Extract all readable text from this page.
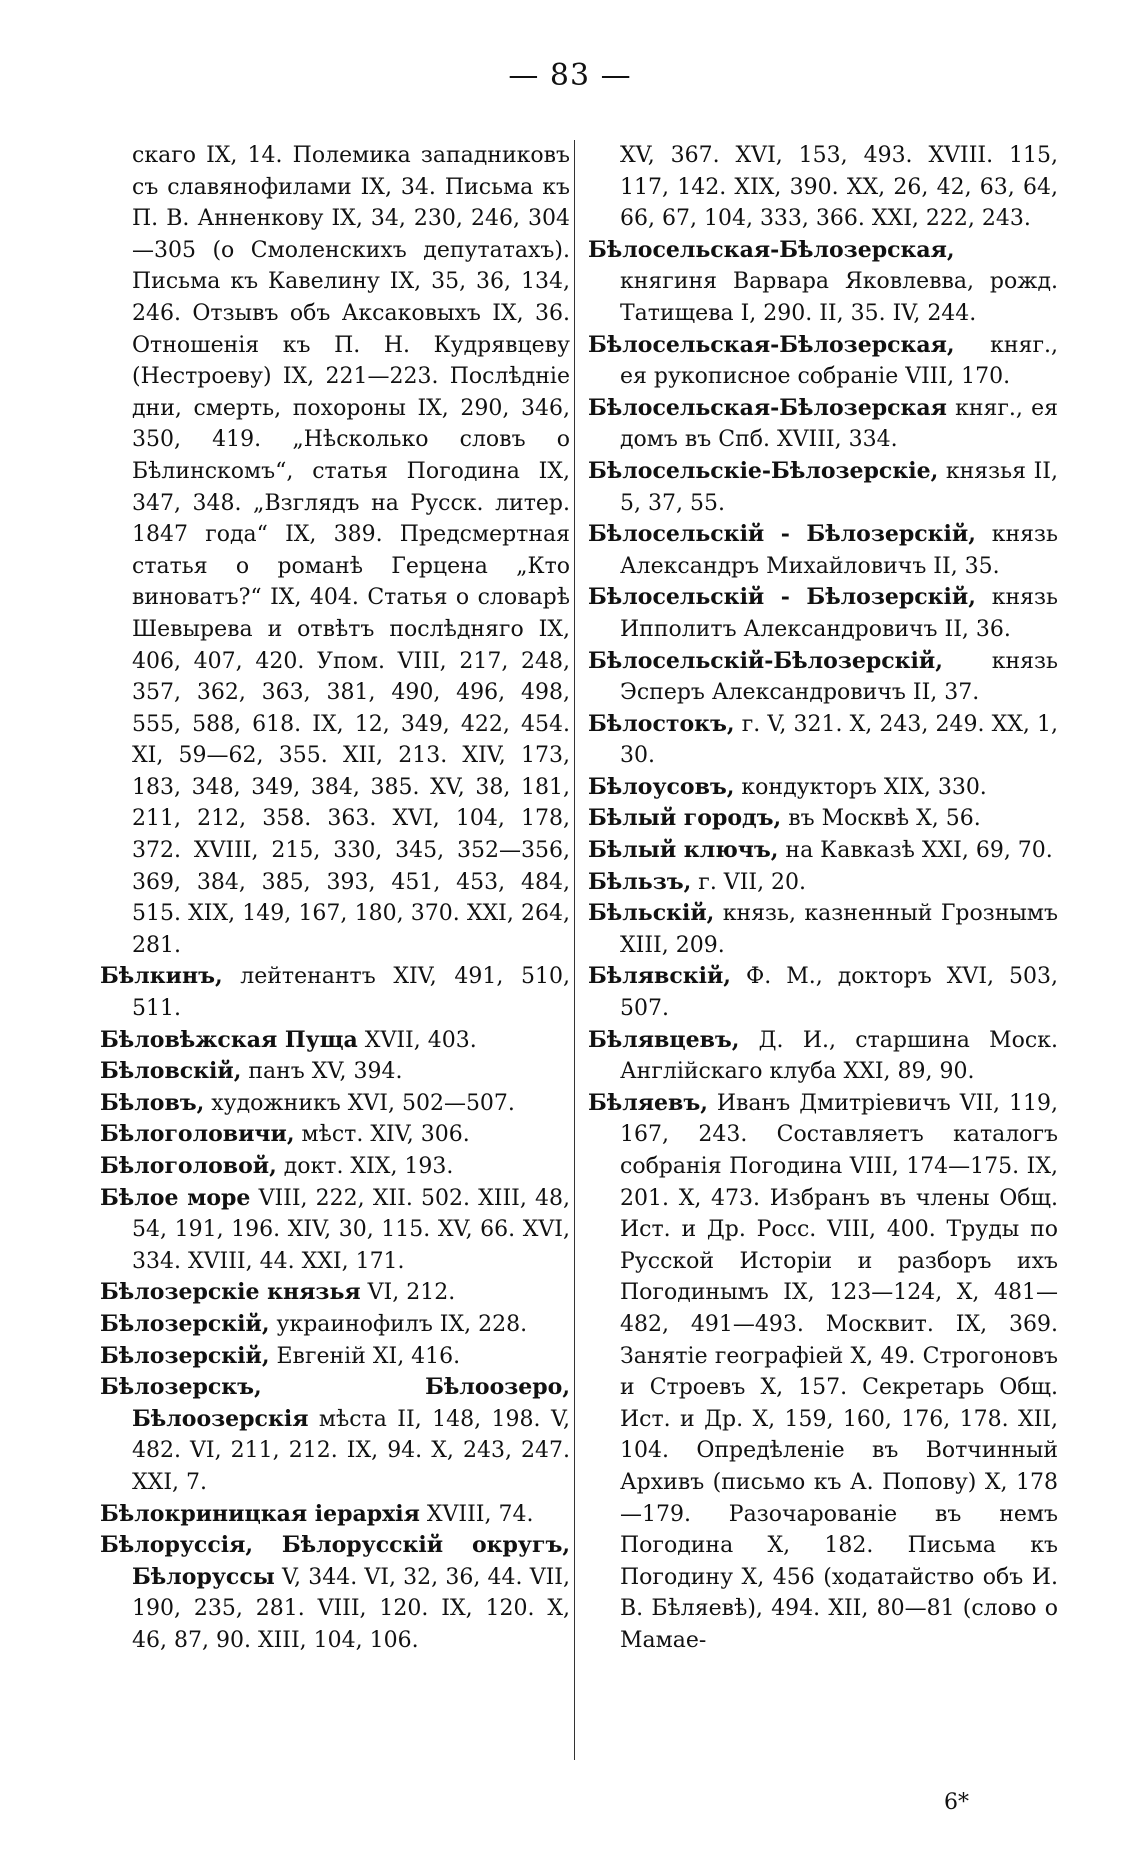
— 83 —

скаго IX, 14. Полемика западниковъ съ славянофилами IX, 34. Письма къ П. В. Анненкову IX, 34, 230, 246, 304—305 (о Смоленскихъ депутатахъ). Письма къ Кавелину IX, 35, 36, 134, 246. Отзывъ объ Аксаковыхъ IX, 36. Отношенія къ П. Н. Кудрявцеву (Нестроеву) IX, 221—223. Послѣдніе дни, смерть, похороны IX, 290, 346, 350, 419. „Нѣсколько словъ о Бѣлинскомъ“, статья Погодина IX, 347, 348. „Взглядъ на Русск. литер. 1847 года“ IX, 389. Предсмертная статья о романѣ Герцена „Кто виноватъ?“ IX, 404. Статья о словарѣ Шевырева и отвѣтъ послѣдняго IX, 406, 407, 420. Упом. VIII, 217, 248, 357, 362, 363, 381, 490, 496, 498, 555, 588, 618. IX, 12, 349, 422, 454. XI, 59—62, 355. XII, 213. XIV, 173, 183, 348, 349, 384, 385. XV, 38, 181, 211, 212, 358. 363. XVI, 104, 178, 372. XVIII, 215, 330, 345, 352—356, 369, 384, 385, 393, 451, 453, 484, 515. XIX, 149, 167, 180, 370. XXI, 264, 281.

Бѣлкинъ, лейтенантъ XIV, 491, 510, 511.

Бѣловѣжская Пуща XVII, 403.

Бѣловскій, панъ XV, 394.

Бѣловъ, художникъ XVI, 502—507.

Бѣлоголовичи, мѣст. XIV, 306.

Бѣлоголовой, докт. XIX, 193.

Бѣлое море VIII, 222, XII. 502. XIII, 48, 54, 191, 196. XIV, 30, 115. XV, 66. XVI, 334. XVIII, 44. XXI, 171.

Бѣлозерскіе князья VI, 212.

Бѣлозерскій, украинофилъ IX, 228.

Бѣлозерскій, Евгеній XI, 416.

Бѣлозерскъ, Бѣлоозеро, Бѣлоозерскія мѣста II, 148, 198. V, 482. VI, 211, 212. IX, 94. X, 243, 247. XXI, 7.

Бѣлокриницкая іерархія XVIII, 74.

Бѣлоруссія, Бѣлорусскій округъ, Бѣлоруссы V, 344. VI, 32, 36, 44. VII, 190, 235, 281. VIII, 120. IX, 120. X, 46, 87, 90. XIII, 104, 106.

XV, 367. XVI, 153, 493. XVIII. 115, 117, 142. XIX, 390. XX, 26, 42, 63, 64, 66, 67, 104, 333, 366. XXI, 222, 243.

Бѣлосельская-Бѣлозерская, княгиня Варвара Яковлевва, рожд. Татищева I, 290. II, 35. IV, 244.

Бѣлосельская-Бѣлозерская, княг., ея рукописное собраніе VIII, 170.

Бѣлосельская-Бѣлозерская княг., ея домъ въ Спб. XVIII, 334.

Бѣлосельскіе-Бѣлозерскіе, князья II, 5, 37, 55.

Бѣлосельскій - Бѣлозерскій, князь Александръ Михайловичъ II, 35.

Бѣлосельскій - Бѣлозерскій, князь Ипполитъ Александровичъ II, 36.

Бѣлосельскій-Бѣлозерскій, князь Эсперъ Александровичъ II, 37.

Бѣлостокъ, г. V, 321. X, 243, 249. XX, 1, 30.

Бѣлоусовъ, кондукторъ XIX, 330.

Бѣлый городъ, въ Москвѣ X, 56.

Бѣлый ключъ, на Кавказѣ XXI, 69, 70.

Бѣльзъ, г. VII, 20.

Бѣльскій, князь, казненный Грознымъ XIII, 209.

Бѣлявскій, Ф. М., докторъ XVI, 503, 507.

Бѣлявцевъ, Д. И., старшина Моск. Англійскаго клуба XXI, 89, 90.

Бѣляевъ, Иванъ Дмитріевичъ VII, 119, 167, 243. Составляетъ каталогъ собранія Погодина VIII, 174—175. IX, 201. X, 473. Избранъ въ члены Общ. Ист. и Др. Росс. VIII, 400. Труды по Русской Исторіи и разборъ ихъ Погодинымъ IX, 123—124, X, 481—482, 491—493. Москвит. IX, 369. Занятіе географіей X, 49. Строгоновъ и Строевъ X, 157. Секретарь Общ. Ист. и Др. X, 159, 160, 176, 178. XII, 104. Опредѣленіе въ Вотчинный Архивъ (письмо къ А. Попову) X, 178—179. Разочарованіе въ немъ Погодина X, 182. Письма къ Погодину X, 456 (ходатайство объ И. В. Бѣляевѣ), 494. XII, 80—81 (слово о Мамае-

6*
